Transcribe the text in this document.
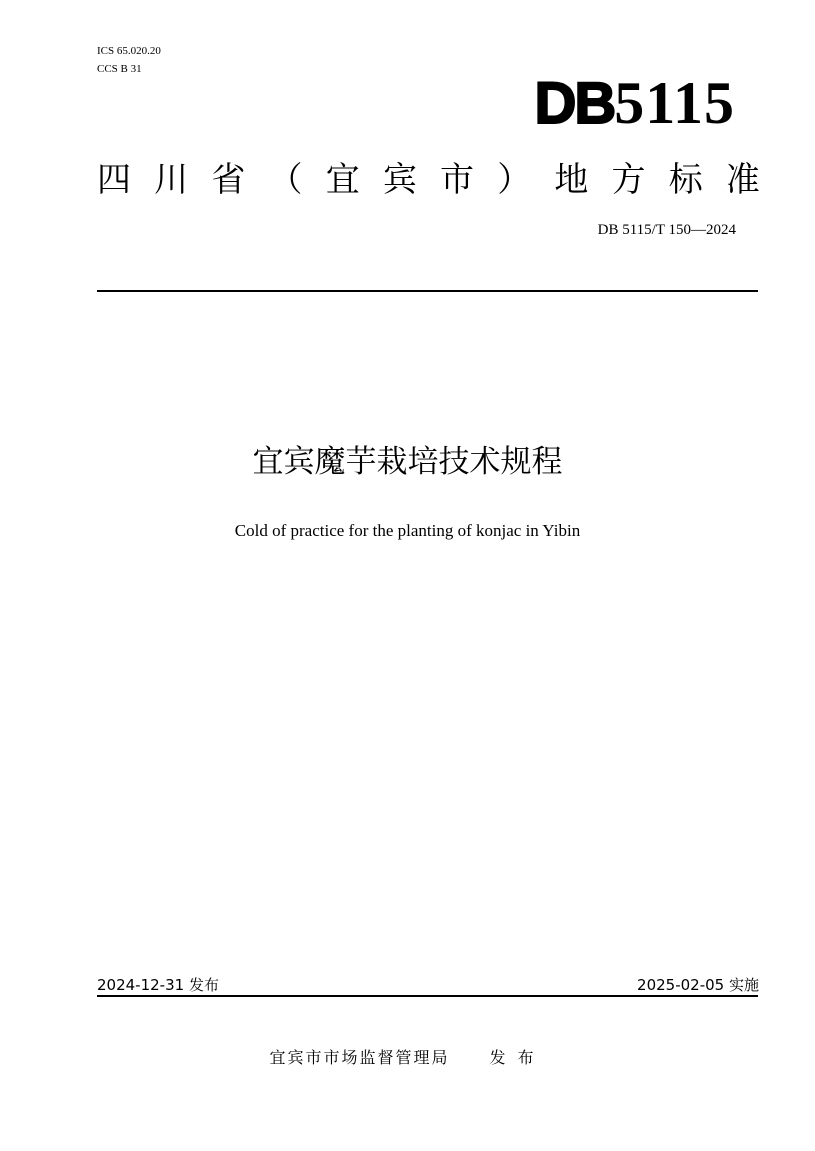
ICS 65.020.20
CCS B 31
DB5115
四 川 省 （ 宜 宾 市 ） 地 方 标 准
DB 5115/T 150—2024
宜宾魔芋栽培技术规程
Cold of practice for the planting of konjac in Yibin
2024-12-31 发布	2025-02-05 实施
宜宾市市场监督管理局	发布
